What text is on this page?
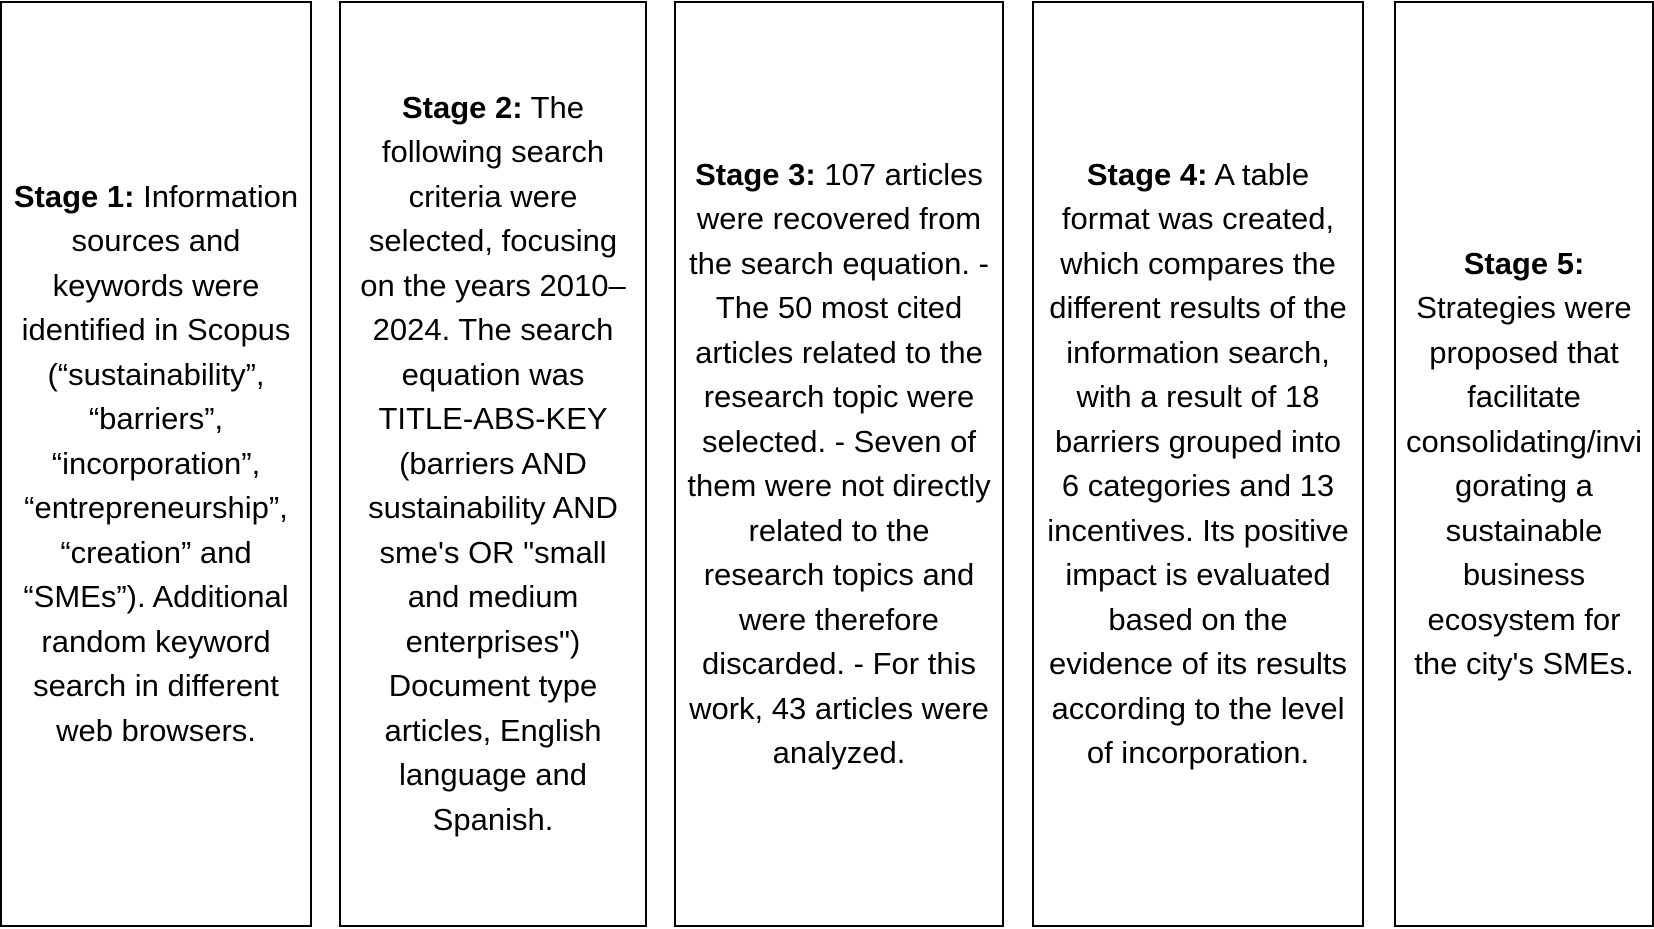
Stage 1: Information sources and keywords were identified in Scopus (“sustainability”, “barriers”, “incorporation”, “entrepreneurship”, “creation” and “SMEs”). Additional random keyword search in different web browsers.
Stage 2: The following search criteria were selected, focusing on the years 2010– 2024. The search equation was TITLE-ABS-KEY (barriers AND sustainability AND sme's OR "small and medium enterprises") Document type articles, English language and Spanish.
Stage 3: 107 articles were recovered from the search equation. - The 50 most cited articles related to the research topic were selected. - Seven of them were not directly related to the research topics and were therefore discarded. - For this work, 43 articles were analyzed.
Stage 4: A table format was created, which compares the different results of the information search, with a result of 18 barriers grouped into 6 categories and 13 incentives. Its positive impact is evaluated based on the evidence of its results according to the level of incorporation.
Stage 5: Strategies were proposed that facilitate consolidating/invigorating a sustainable business ecosystem for the city's SMEs.
